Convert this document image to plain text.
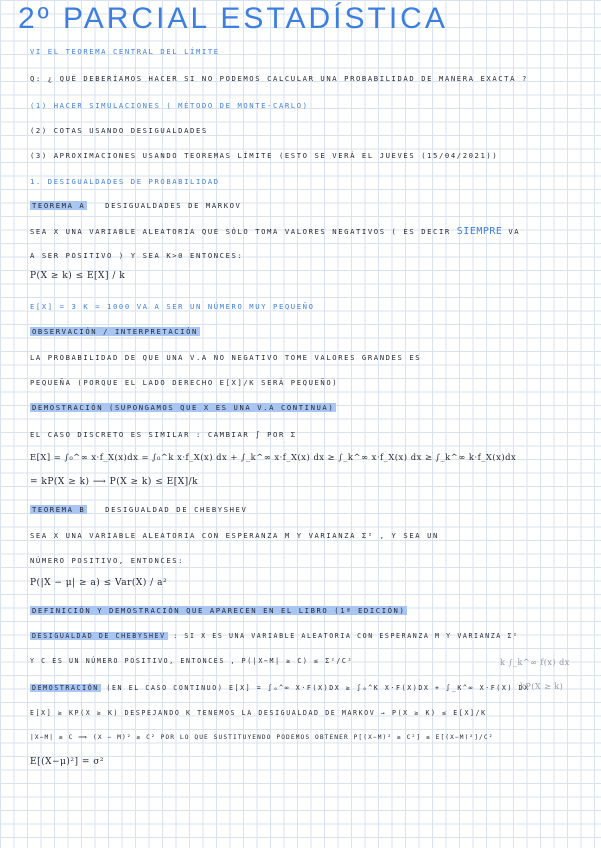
2º PARCIAL ESTADÍSTICA
VI EL TEOREMA CENTRAL DEL LÍMITE
Q: ¿ QUÉ DEBERÍAMOS HACER SI NO PODEMOS CALCULAR UNA PROBABILIDAD DE MANERA EXACTA ?
(1) HACER SIMULACIONES ( MÉTODO DE MONTE-CARLO)
(2) COTAS USANDO DESIGUALDADES
(3) APROXIMACIONES USANDO TEOREMAS LÍMITE (ESTO SE VERÁ EL JUEVES (15/04/2021))
1. DESIGUALDADES DE PROBABILIDAD
TEOREMA A	DESIGUALDADES DE MARKOV
SEA X UNA VARIABLE ALEATORIA QUE SÓLO TOMA VALORES NEGATIVOS ( ES DECIR SIEMPRE VA
A SER POSITIVO ) Y SEA K>0 ENTONCES:
P(X ≥ k) ≤ E[X] / k
E[X] = 3 K = 1000 VA A SER UN NÚMERO MUY PEQUEÑO
OBSERVACIÓN / INTERPRETACIÓN
LA PROBABILIDAD DE QUE UNA V.A NO NEGATIVO TOME VALORES GRANDES ES
PEQUEÑA (PORQUE EL LADO DERECHO E[X]/K SERÁ PEQUEÑO)
DEMOSTRACIÓN (SUPONGAMOS QUE X ES UNA V.A CONTINUA)
EL CASO DISCRETO ES SIMILAR : CAMBIAR ∫ POR Σ
E[X] = ∫₀^∞ x·f_X(x)dx = ∫₀^k x·f_X(x) dx + ∫_k^∞ x·f_X(x) dx ≥ ∫_k^∞ x·f_X(x) dx ≥ ∫_k^∞ k·f_X(x)dx
= kP(X ≥ k) ⟶ P(X ≥ k) ≤ E[X]/k
TEOREMA B	DESIGUALDAD DE CHEBYSHEV
SEA X UNA VARIABLE ALEATORIA CON ESPERANZA Μ Y VARIANZA Σ² , Y SEA UN
NÚMERO POSITIVO, ENTONCES:
P(|X − μ| ≥ a) ≤ Var(X) / a²
DEFINICIÓN Y DEMOSTRACIÓN QUE APARECEN EN EL LIBRO (1ª EDICIÓN)
DESIGUALDAD DE CHEBYSHEV : SI X ES UNA VARIABLE ALEATORIA CON ESPERANZA Μ Y VARIANZA Σ²
Y C ES UN NÚMERO POSITIVO, ENTONCES , P(|X−Μ| ≥ C) ≤ Σ²/C²	k ∫_k^∞ f(x) dx
DEMOSTRACIÓN (EN EL CASO CONTINUO) E[X] = ∫₀^∞ X·F(X)DX ≥ ∫₀^K X·F(X)DX + ∫_K^∞ X·F(X) DX
kP(X ≥ k)
E[X] ≥ KP(X ≥ K) DESPEJANDO K TENEMOS LA DESIGUALDAD DE MARKOV → P(X ≥ K) ≤ E[X]/K
|X−Μ| ≥ C ⟹ (X − Μ)² ≥ C² POR LO QUE SUSTITUYENDO PODEMOS OBTENER P[(X−Μ)² ≥ C²] ≤ E[(X−Μ)²]/C²
E[(X−μ)²] = σ²
